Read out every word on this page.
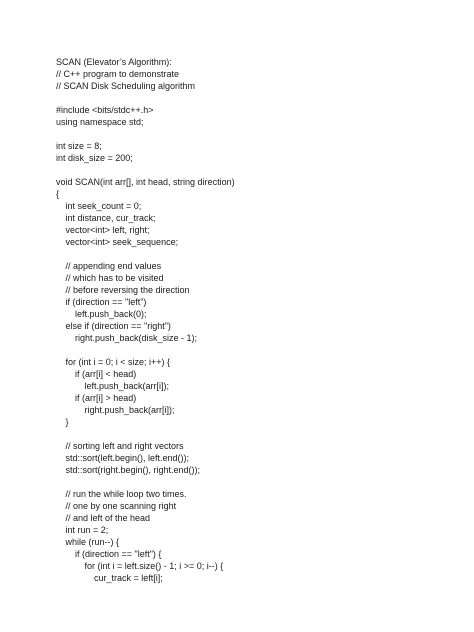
SCAN (Elevator’s Algorithm):
// C++ program to demonstrate
// SCAN Disk Scheduling algorithm
#include <bits/stdc++.h>
using namespace std;
int size = 8;
int disk_size = 200;
void SCAN(int arr[], int head, string direction)
{
int seek_count = 0;
int distance, cur_track;
vector<int> left, right;
vector<int> seek_sequence;
// appending end values
// which has to be visited
// before reversing the direction
if (direction == "left")
left.push_back(0);
else if (direction == "right")
right.push_back(disk_size - 1);
for (int i = 0; i < size; i++) {
if (arr[i] < head)
left.push_back(arr[i]);
if (arr[i] > head)
right.push_back(arr[i]);
}
// sorting left and right vectors
std::sort(left.begin(), left.end());
std::sort(right.begin(), right.end());
// run the while loop two times.
// one by one scanning right
// and left of the head
int run = 2;
while (run--) {
if (direction == "left") {
for (int i = left.size() - 1; i >= 0; i--) {
cur_track = left[i];
